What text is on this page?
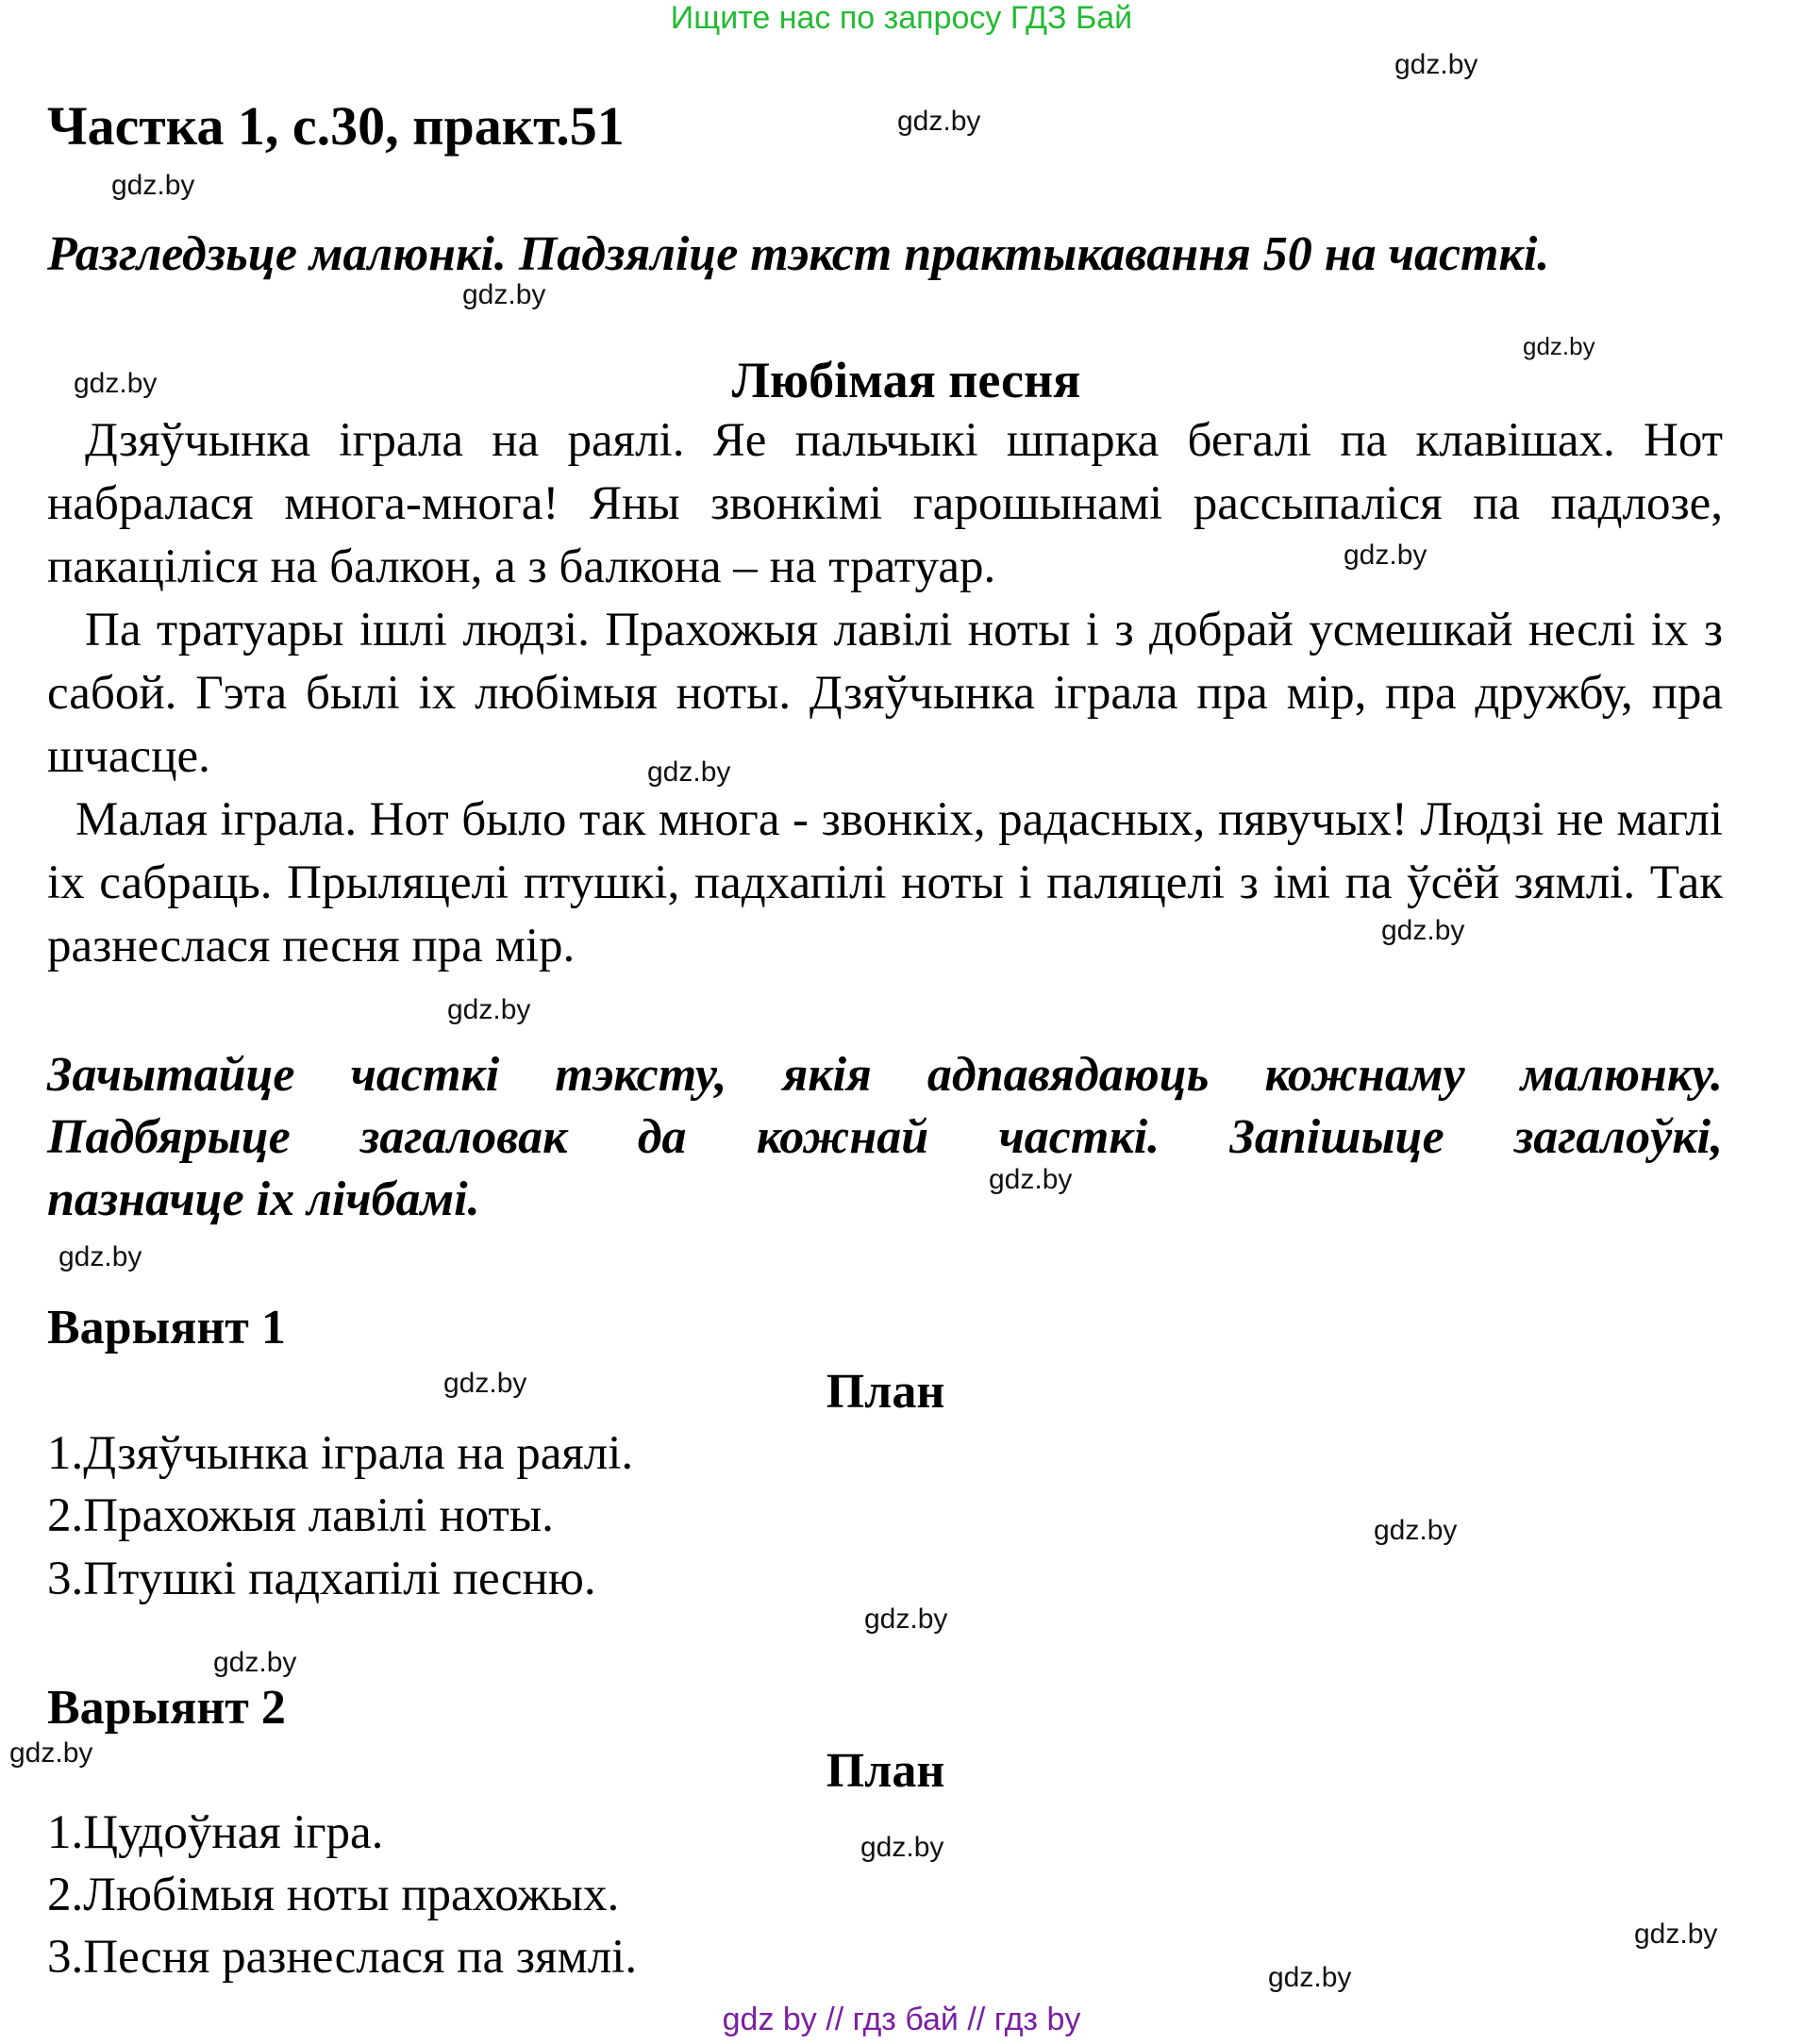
Ищите нас по запросу ГДЗ Бай
Частка 1, с.30, практ.51
Разгледзьце малюнкі. Падзяліце тэкст практыкавання 50 на часткі.
Любімая песня
Дзяўчынка іграла на раялі. Яе пальчыкі шпарка бегалі па клавішах. Нот набралася многа-многа! Яны звонкімі гарошынамі рассыпаліся па падлозе, пакаціліся на балкон, а з балкона – на тратуар.
Па тратуары ішлі людзі. Прахожыя лавілі ноты і з добрай усмешкай неслі іх з сабой. Гэта былі іх любімыя ноты. Дзяўчынка іграла пра мір, пра дружбу, пра шчасце.
Малая іграла. Нот было так многа - звонкіх, радасных, пявучых! Людзі не маглі іх сабраць. Прыляцелі птушкі, падхапілі ноты і паляцелі з імі па ўсёй зямлі. Так разнеслася песня пра мір.
Зачытайце часткі тэксту, якія адпавядаюць кожнаму малюнку.
Падбярыце загаловак да кожнай часткі. Запішыце загалоўкі,
пазначце іх лічбамі.
Варыянт 1
План
1.Дзяўчынка іграла на раялі.
2.Прахожыя лавілі ноты.
3.Птушкі падхапілі песню.
Варыянт 2
План
1.Цудоўная ігра.
2.Любімыя ноты прахожых.
3.Песня разнеслася па зямлі.
gdz.by
gdz.by
gdz.by
gdz.by
gdz.by
gdz.by
gdz.by
gdz.by
gdz.by
gdz.by
gdz.by
gdz.by
gdz.by
gdz.by
gdz.by
gdz.by
gdz.by
gdz.by
gdz.by
gdz.by
gdz by // гдз бай // гдз by
